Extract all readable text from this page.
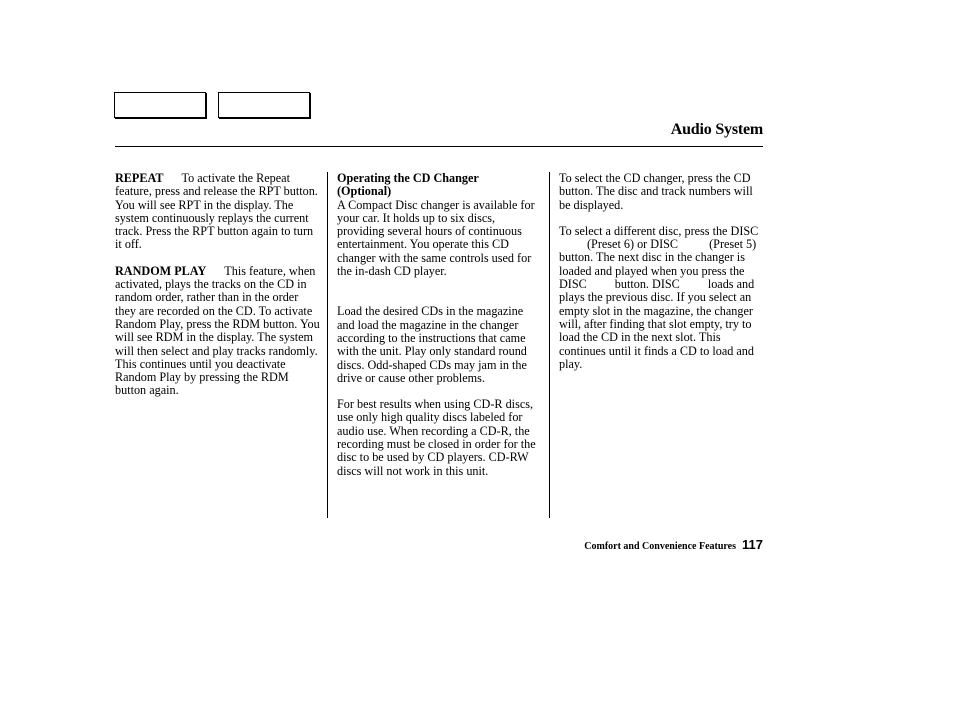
Audio System

REPEAT To activate the Repeat feature, press and release the RPT button. You will see RPT in the display. The system continuously replays the current track. Press the RPT button again to turn it off.

RANDOM PLAY This feature, when activated, plays the tracks on the CD in random order, rather than in the order they are recorded on the CD. To activate Random Play, press the RDM button. You will see RDM in the display. The system will then select and play tracks randomly. This continues until you deactivate Random Play by pressing the RDM button again.

Operating the CD Changer
(Optional)

A Compact Disc changer is available for your car. It holds up to six discs, providing several hours of continuous entertainment. You operate this CD changer with the same controls used for the in-dash CD player.

Load the desired CDs in the magazine and load the magazine in the changer according to the instructions that came with the unit. Play only standard round discs. Odd-shaped CDs may jam in the drive or cause other problems.

For best results when using CD-R discs, use only high quality discs labeled for audio use. When recording a CD-R, the recording must be closed in order for the disc to be used by CD players. CD-RW discs will not work in this unit.

To select the CD changer, press the CD button. The disc and track numbers will be displayed.

To select a different disc, press the DISC(Preset 6) or DISC	(Preset 5) button. The next disc in the changer is loaded and played when you press the DISC button. DISC loads and plays the previous disc. If you select an empty slot in the magazine, the changer will, after finding that slot empty, try to load the CD in the next slot. This continues until it finds a CD to load and play.

Comfort and Convenience Features 117
